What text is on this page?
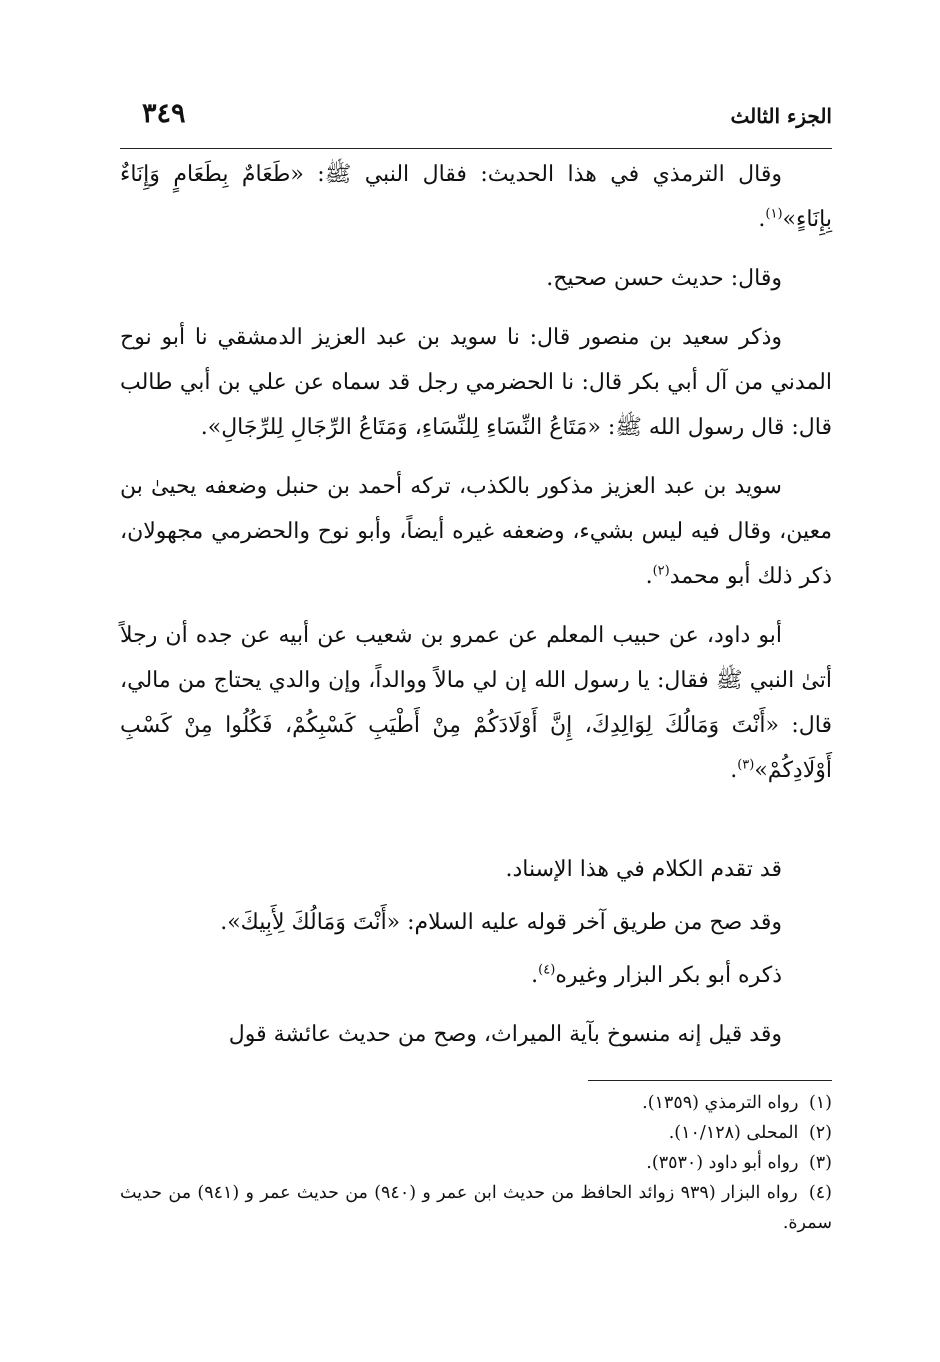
الجزء الثالث
٣٤٩

وقال الترمذي في هذا الحديث: فقال النبي ﷺ: «طَعَامٌ بِطَعَامٍ وَإِنَاءٌ بِإِنَاءٍ»$^{(١)}$.

وقال: حديث حسن صحيح.

وذكر سعيد بن منصور قال: نا سويد بن عبد العزيز الدمشقي نا أبو نوح المدني من آل أبي بكر قال: نا الحضرمي رجل قد سماه عن علي بن أبي طالب قال: قال رسول الله ﷺ: «مَتَاعُ النِّسَاءِ لِلنِّسَاءِ، وَمَتَاعُ الرِّجَالِ لِلرِّجَالِ».

سويد بن عبد العزيز مذكور بالكذب، تركه أحمد بن حنبل وضعفه يحيىٰ بن معين، وقال فيه ليس بشيء، وضعفه غيره أيضاً، وأبو نوح والحضرمي مجهولان، ذكر ذلك أبو محمد$^{(٢)}$.

أبو داود، عن حبيب المعلم عن عمرو بن شعيب عن أبيه عن جده أن رجلاً أتىٰ النبي ﷺ فقال: يا رسول الله إن لي مالاً ووالداً، وإن والدي يحتاج من مالي، قال: «أَنْتَ وَمَالُكَ لِوَالِدِكَ، إِنَّ أَوْلَادَكُمْ مِنْ أَطْيَبِ كَسْبِكُمْ، فَكُلُوا مِنْ كَسْبِ أَوْلَادِكُمْ»$^{(٣)}$.

قد تقدم الكلام في هذا الإسناد.

وقد صح من طريق آخر قوله عليه السلام: «أَنْتَ وَمَالُكَ لِأَبِيكَ».

ذكره أبو بكر البزار وغيره$^{(٤)}$.

وقد قيل إنه منسوخ بآية الميراث، وصح من حديث عائشة قول

(١) رواه الترمذي (١٣٥٩).

(٢) المحلى (١٠/١٢٨).

(٣) رواه أبو داود (٣٥٣٠).

(٤) رواه البزار (٩٣٩ زوائد الحافظ من حديث ابن عمر و (٩٤٠) من حديث عمر و (٩٤١) من حديث سمرة.
